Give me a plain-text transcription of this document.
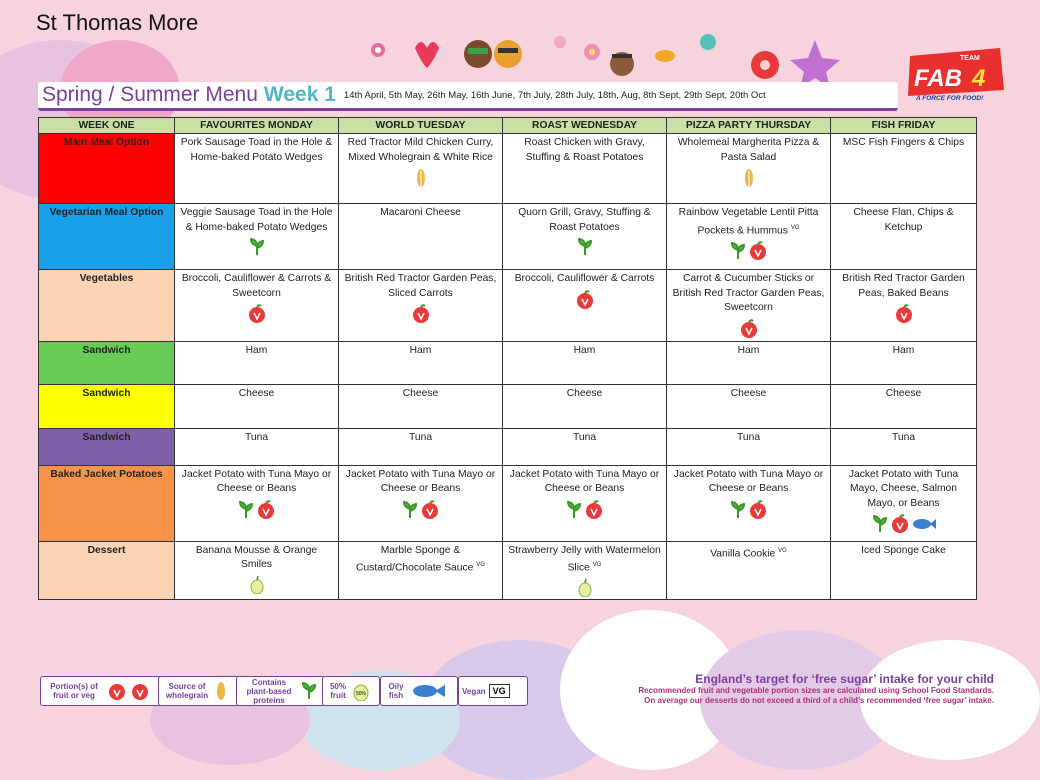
St Thomas More
TEAM
FAB 4
A FORCE FOR FOOD!
Spring / Summer Menu Week 1 14th April, 5th May, 26th May, 16th June, 7th July, 28th July, 18th, Aug, 8th Sept, 29th Sept, 20th Oct
WEEK ONE	FAVOURITES MONDAY	WORLD TUESDAY	ROAST WEDNESDAY	PIZZA PARTY THURSDAY	FISH FRIDAY
Main Meal Option	Pork Sausage Toad in the Hole & Home-baked Potato Wedges	Red Tractor Mild Chicken Curry, Mixed Wholegrain & White Rice	Roast Chicken with Gravy, Stuffing & Roast Potatoes	Wholemeal Margherita Pizza & Pasta Salad	MSC Fish Fingers & Chips

Vegetarian Meal Option	Veggie Sausage Toad in the Hole & Home-baked Potato Wedges	Macaroni Cheese	Quorn Grill, Gravy, Stuffing & Roast Potatoes	Rainbow Vegetable Lentil Pitta Pockets & Hummus $^{VG}$	Cheese Flan, Chips & Ketchup

Vegetables	Broccoli, Cauliflower & Carrots & Sweetcorn	British Red Tractor Garden Peas, Sliced Carrots	Broccoli, Cauliflower & Carrots	Carrot & Cucumber Sticks or British Red Tractor Garden Peas, Sweetcorn	British Red Tractor Garden Peas, Baked Beans

Sandwich	Ham	Ham	Ham	Ham	Ham
Sandwich	Cheese	Cheese	Cheese	Cheese	Cheese
Sandwich	Tuna	Tuna	Tuna	Tuna	Tuna
Baked Jacket Potatoes	Jacket Potato with Tuna Mayo or Cheese or Beans	Jacket Potato with Tuna Mayo or Cheese or Beans	Jacket Potato with Tuna Mayo or Cheese or Beans	Jacket Potato with Tuna Mayo or Cheese or Beans	Jacket Potato with Tuna Mayo, Cheese, Salmon Mayo, or Beans

Dessert	Banana Mousse & Orange Smiles	Marble Sponge & Custard/Chocolate Sauce $^{VG}$	Strawberry Jelly with Watermelon Slice $^{VG}$	Vanilla Cookie $^{VG}$	Iced Sponge Cake
Portion(s) of fruit or veg
Source of wholegrain
Contains plant-based proteins
50% fruit	50%
Oily fish	Vegan VG
England’s target for ‘free sugar’ intake for your child
Recommended fruit and vegetable portion sizes are calculated using School Food Standards.
On average our desserts do not exceed a third of a child’s recommended ‘free sugar’ intake.
